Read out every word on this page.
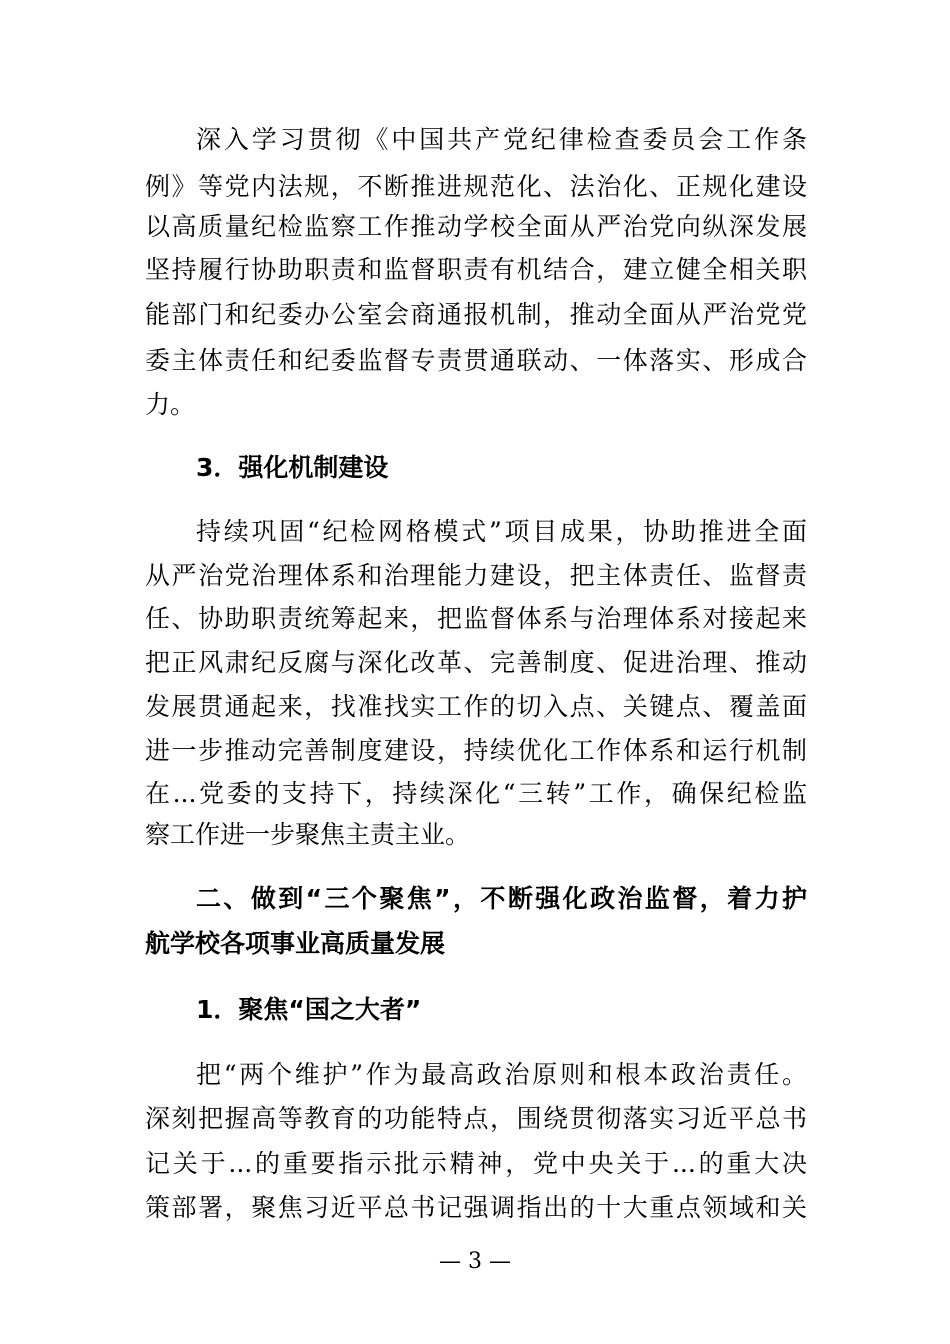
深入学习贯彻《中国共产党纪律检查委员会工作条
例》等党内法规，不断推进规范化、法治化、正规化建设
以高质量纪检监察工作推动学校全面从严治党向纵深发展
坚持履行协助职责和监督职责有机结合，建立健全相关职
能部门和纪委办公室会商通报机制，推动全面从严治党党
委主体责任和纪委监督专责贯通联动、一体落实、形成合
力。
3．强化机制建设
持续巩固“纪检网格模式”项目成果，协助推进全面
从严治党治理体系和治理能力建设，把主体责任、监督责
任、协助职责统筹起来，把监督体系与治理体系对接起来
把正风肃纪反腐与深化改革、完善制度、促进治理、推动
发展贯通起来，找准找实工作的切入点、关键点、覆盖面
进一步推动完善制度建设，持续优化工作体系和运行机制
在...党委的支持下，持续深化“三转”工作，确保纪检监
察工作进一步聚焦主责主业。
二、做到“三个聚焦”，不断强化政治监督，着力护
航学校各项事业高质量发展
1．聚焦“国之大者”
把“两个维护”作为最高政治原则和根本政治责任。
深刻把握高等教育的功能特点，围绕贯彻落实习近平总书
记关于...的重要指示批示精神，党中央关于...的重大决
策部署，聚焦习近平总书记强调指出的十大重点领域和关
— 3 —
